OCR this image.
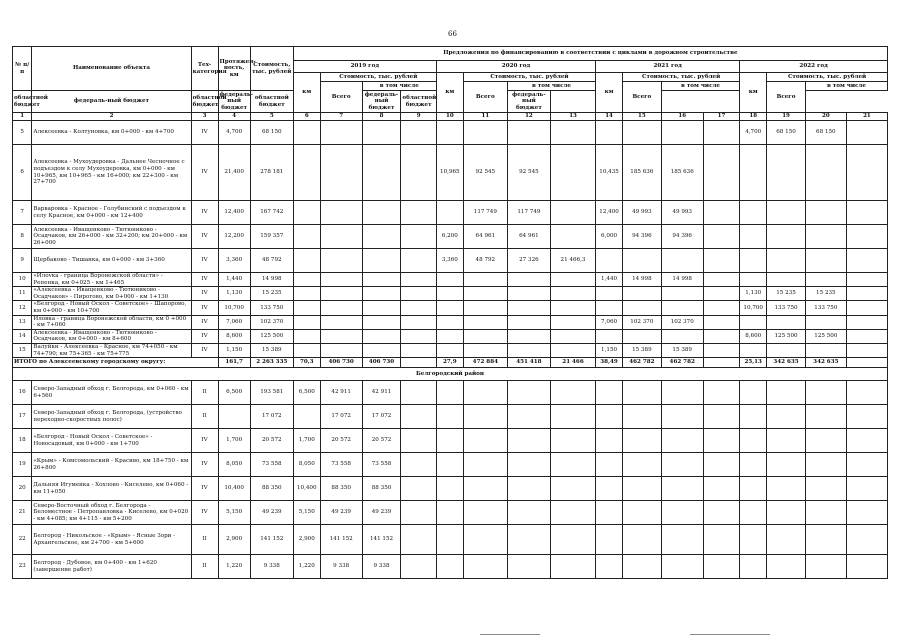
66
№ п/п	Наименование объекта	Тех-категория	Протяжен-ность, км	Стоимость, тыс. рублей	Предложения по финансированию в соответствии с циклами в дорожном строительстве															
					2019 год				2020 год				2021 год				2022 год			
					км	Стоимость, тыс. рублей			км	Стоимость, тыс. рублей			км	Стоимость, тыс. рублей			км	Стоимость, тыс. рублей		
						Всего	в том числе			Всего	в том числе			Всего	в том числе			Всего	в том числе	
областной бюджет	федераль-ный бюджет	областной бюджет	федераль-ный бюджет	областной бюджет			федераль-ный бюджет	областной бюджет			федераль-ный бюджет									
1	2	3	4	5	6	7	8	9	10	11	12	13	14	15	16	17	18	19	20	21
5	Алексеевка - Колтуновка, км 0+000 - км 4+700	IV	4,700	68 150													4,700	68 150	68 150	
6	Алексеевка - Мухоудеровка - Дальнее Чесночное с подъездом к селу Мухоудеровка, км 0+000 - км 10+965, км 10+965 - км 16+000; км 22+300 - км 27+700	IV	21,400	278 181					10,965	92 545	92 545		10,435	185 636	185 636					
7	Варваровка - Красное - Голубинский с подъездом к селу Красное, км 0+000 - км 12+400	IV	12,400	167 742						117 749	117 749		12,400	49 993	49 993					
8	Алексеевка - Иващенково - Тютюниково - Осадчаков, км 26+000 - км 32+200; км 20+000 - км 26+000	IV	12,200	159 357					6,200	64 961	64 961		6,000	94 396	94 396					
9	Щербаково - Тишанка, км 0+000 - км 3+360	IV	3,360	48 792					3,360	48 792	27 326	21 466,3								
10	«Илovка - граница Воронежской области» - Репенка, км 0+025 - км 1+465	IV	1,440	14 998									1,440	14 998	14 998					
11	«Алексеевка - Иващенково - Тютюниково - Осадчаков» - Пирогово, км 0+000 - км 1+130	IV	1,130	15 235													1,130	15 235	15 235	
12	«Белгород - Новый Оскол - Советское» - Шапорово, км 0+000 - км 10+700	IV	10,700	133 750													10,700	133 750	133 750	
13	Иловка - граница Воронежской области, км 0 +000 - км 7+060	IV	7,060	102 370									7,060	102 370	102 370					
14	Алексеевка - Иващенково - Тютюниково - Осадчаков, км 0+000 - км 8+600	IV	8,600	125 500													8,600	125 500	125 500	
15	Валуйки - Алексеевка - Красное, км 74+050 - км 74+790; км 75+365 - км 75+775	IV	1,150	15 389									1,150	15 389	15 389					
ИТОГО по Алексеевскому городскому округу:			161,7	2 263 335	70,3	406 730	406 730		27,9	472 884	451 418	21 466	38,49	462 782	462 782		25,13	342 635	342 635	
Белгородский район																				
16	Северо-Западный обход г. Белгорода, км 0+060 - км 6+560	II	6,500	193 581	6,500	42 911	42 911													
17	Северо-Западный обход г. Белгорода, (устройство переходно-скоростных полос)	II		17 072		17 072	17 072													
18	«Белгород - Новый Оскол - Советское» - Новосадовый, км 0+000 - км 1+700	IV	1,700	20 572	1,700	20 572	20 572													
19	«Крым» - Комсомольский - Красиво, км 18+750 - км 26+800	IV	8,050	73 558	8,050	73 558	73 558													
20	Дальняя Игуменка - Хохлово - Киселево, км 0+060 - км 11+050	IV	10,400	88 350	10,400	88 350	88 350													
21	Северо-Восточный обход г. Белгорода - Беломестное - Петропавловка - Киселево, км 0+020 - км 4+085; км 4+115 - км 5+200	IV	5,150	49 239	5,150	49 239	49 239													
22	Белгород - Никольское - «Крым» - Ясные Зори - Архангельское, км 2+700 - км 5+600	II	2,900	141 152	2,900	141 152	141 152													
23	Белгород - Дубовое, км 0+400 - км 1+620 (завершение работ)	II	1,220	9 338	1,220	9 338	9 338													
